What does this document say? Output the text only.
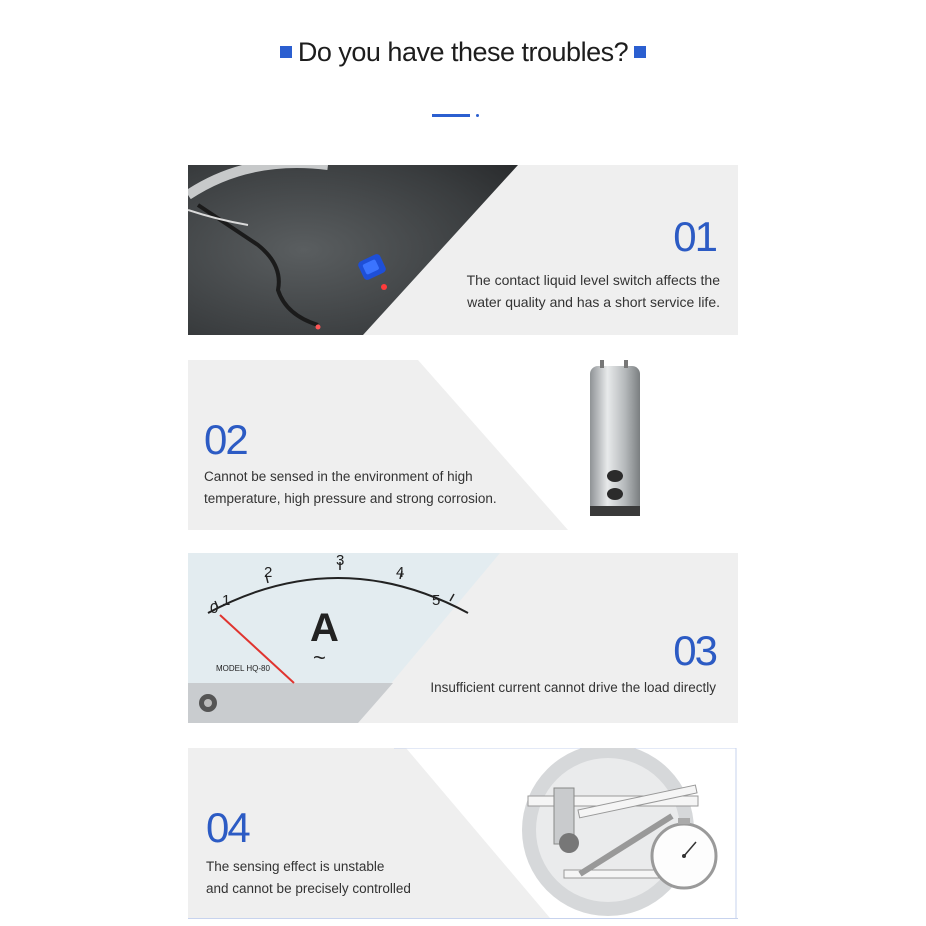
Do you have these troubles?
01
The contact liquid level switch affects the
water quality and has a short service life.
02
Cannot be sensed in the environment of high
temperature, high pressure and strong corrosion.
0 1
2
3
4
5
A
~
MODEL HQ-80	03
Insufficient current cannot drive the load directly
04
The sensing effect is unstable
and cannot be precisely controlled
